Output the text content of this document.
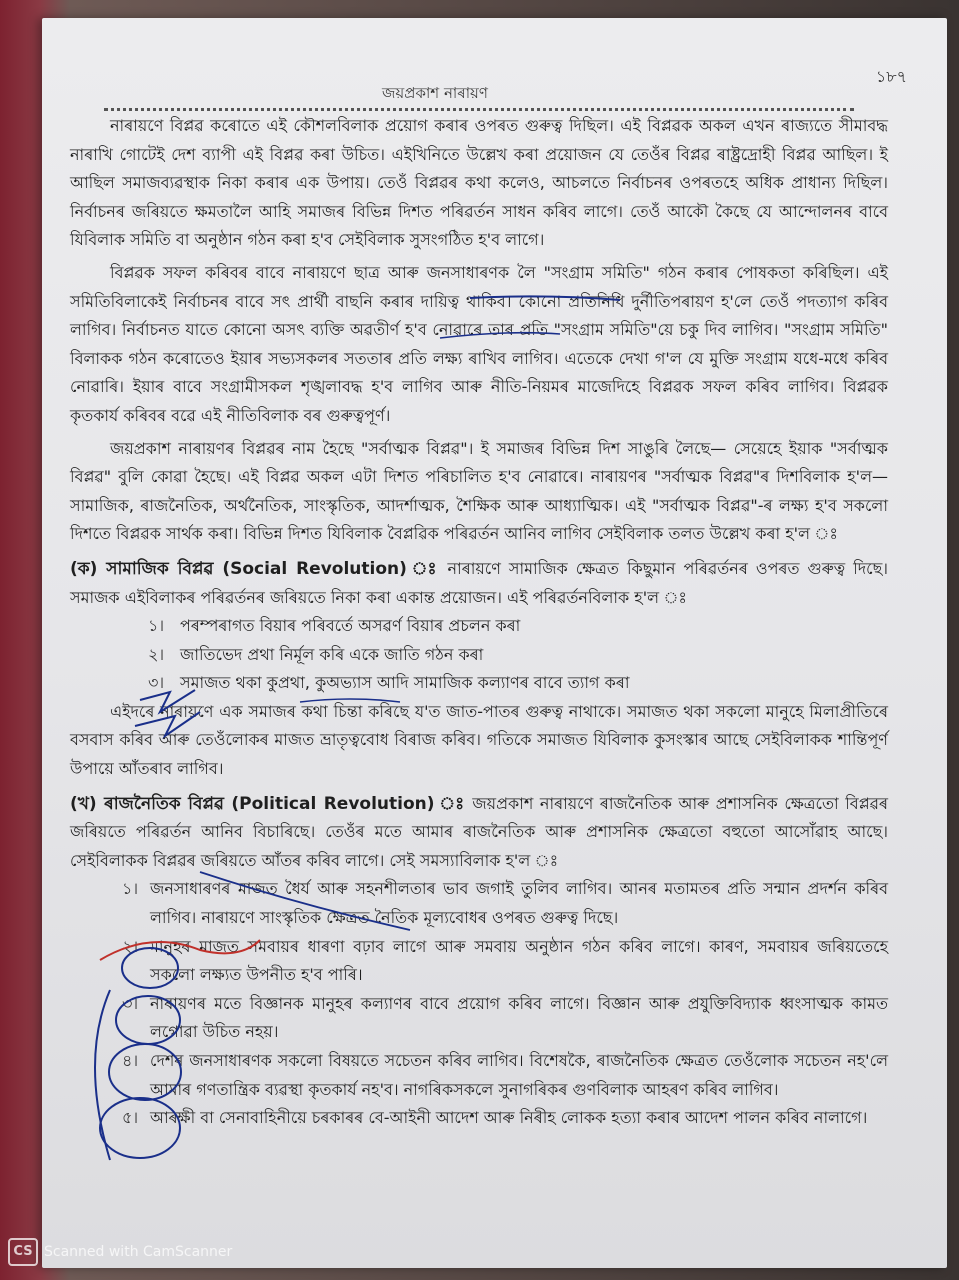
জয়প্ৰকাশ নাৰায়ণ
১৮৭

নাৰায়ণে বিপ্লৱ কৰোতে এই কৌশলবিলাক প্ৰয়োগ কৰাৰ ওপৰত গুৰুত্ব দিছিল। এই বিপ্লৱক অকল এখন ৰাজ্যতে সীমাবদ্ধ নাৰাখি গোটেই দেশ ব্যাপী এই বিপ্লৱ কৰা উচিত। এইখিনিতে উল্লেখ কৰা প্ৰয়োজন যে তেওঁৰ বিপ্লৱ ৰাষ্ট্ৰদ্ৰোহী বিপ্লৱ আছিল। ই আছিল সমাজব্যৱস্থাক নিকা কৰাৰ এক উপায়। তেওঁ বিপ্লৱৰ কথা কলেও, আচলতে নিৰ্বাচনৰ ওপৰতহে অধিক প্ৰাধান্য দিছিল। নিৰ্বাচনৰ জৰিয়তে ক্ষমতালৈ আহি সমাজৰ বিভিন্ন দিশত পৰিৱৰ্তন সাধন কৰিব লাগে। তেওঁ আকৌ কৈছে যে আন্দোলনৰ বাবে যিবিলাক সমিতি বা অনুষ্ঠান গঠন কৰা হ'ব সেইবিলাক সুসংগঠিত হ'ব লাগে।

বিপ্লৱক সফল কৰিবৰ বাবে নাৰায়ণে ছাত্ৰ আৰু জনসাধাৰণক লৈ "সংগ্ৰাম সমিতি" গঠন কৰাৰ পোষকতা কৰিছিল। এই সমিতিবিলাকেই নিৰ্বাচনৰ বাবে সৎ প্ৰাৰ্থী বাছনি কৰাৰ দায়িত্ব থাকিব। কোনো প্ৰতিনিধি দুৰ্নীতিপৰায়ণ হ'লে তেওঁ পদত্যাগ কৰিব লাগিব। নিৰ্বাচনত যাতে কোনো অসৎ ব্যক্তি অৱতীৰ্ণ হ'ব নোৱাৰে তাৰ প্ৰতি "সংগ্ৰাম সমিতি"য়ে চকু দিব লাগিব। "সংগ্ৰাম সমিতি" বিলাকক গঠন কৰোতেও ইয়াৰ সভ্যসকলৰ সততাৰ প্ৰতি লক্ষ্য ৰাখিব লাগিব। এতেকে দেখা গ'ল যে মুক্তি সংগ্ৰাম যধে-মধে কৰিব নোৱাৰি। ইয়াৰ বাবে সংগ্ৰামীসকল শৃঙ্খলাবদ্ধ হ'ব লাগিব আৰু নীতি-নিয়মৰ মাজেদিহে বিপ্লৱক সফল কৰিব লাগিব। বিপ্লৱক কৃতকাৰ্য কৰিবৰ বৱে এই নীতিবিলাক বৰ গুৰুত্বপূৰ্ণ।

জয়প্ৰকাশ নাৰায়ণৰ বিপ্লৱৰ নাম হৈছে "সৰ্বাত্মক বিপ্লৱ"। ই সমাজৰ বিভিন্ন দিশ সাঙুৰি লৈছে— সেয়েহে ইয়াক "সৰ্বাত্মক বিপ্লৱ" বুলি কোৱা হৈছে। এই বিপ্লৱ অকল এটা দিশত পৰিচালিত হ'ব নোৱাৰে। নাৰায়ণৰ "সৰ্বাত্মক বিপ্লৱ"ৰ দিশবিলাক হ'ল— সামাজিক, ৰাজনৈতিক, অৰ্থনৈতিক, সাংস্কৃতিক, আদৰ্শাত্মক, শৈক্ষিক আৰু আধ্যাত্মিক। এই "সৰ্বাত্মক বিপ্লৱ"-ৰ লক্ষ্য হ'ব সকলো দিশতে বিপ্লৱক সাৰ্থক কৰা। বিভিন্ন দিশত যিবিলাক বৈপ্লৱিক পৰিৱৰ্তন আনিব লাগিব সেইবিলাক তলত উল্লেখ কৰা হ'ল ঃ

(ক) সামাজিক বিপ্লৱ (Social Revolution) ঃ নাৰায়ণে সামাজিক ক্ষেত্ৰত কিছুমান পৰিৱৰ্তনৰ ওপৰত গুৰুত্ব দিছে। সমাজক এইবিলাকৰ পৰিৱৰ্তনৰ জৰিয়তে নিকা কৰা একান্ত প্ৰয়োজন। এই পৰিৱৰ্তনবিলাক হ'ল ঃ

১। পৰম্পৰাগত বিয়াৰ পৰিবৰ্তে অসৱৰ্ণ বিয়াৰ প্ৰচলন কৰা

২। জাতিভেদ প্ৰথা নিৰ্মূল কৰি একে জাতি গঠন কৰা

৩। সমাজত থকা কুপ্ৰথা, কুঅভ্যাস আদি সামাজিক কল্যাণৰ বাবে ত্যাগ কৰা

এইদৰে নাৰায়ণে এক সমাজৰ কথা চিন্তা কৰিছে য'ত জাত-পাতৰ গুৰুত্ব নাথাকে। সমাজত থকা সকলো মানুহে মিলাপ্ৰীতিৰে বসবাস কৰিব আৰু তেওঁলোকৰ মাজত ভ্ৰাতৃত্ববোধ বিৰাজ কৰিব। গতিকে সমাজত যিবিলাক কুসংস্কাৰ আছে সেইবিলাকক শান্তিপূৰ্ণ উপায়ে আঁতৰাব লাগিব।

(খ) ৰাজনৈতিক বিপ্লৱ (Political Revolution) ঃ জয়প্ৰকাশ নাৰায়ণে ৰাজনৈতিক আৰু প্ৰশাসনিক ক্ষেত্ৰতো বিপ্লৱৰ জৰিয়তে পৰিৱৰ্তন আনিব বিচাৰিছে। তেওঁৰ মতে আমাৰ ৰাজনৈতিক আৰু প্ৰশাসনিক ক্ষেত্ৰতো বহুতো আসোঁৱাহ আছে। সেইবিলাকক বিপ্লৱৰ জৰিয়তে আঁতৰ কৰিব লাগে। সেই সমস্যাবিলাক হ'ল ঃ

১। জনসাধাৰণৰ মাজত ধৈৰ্য আৰু সহনশীলতাৰ ভাব জগাই তুলিব লাগিব। আনৰ মতামতৰ প্ৰতি সন্মান প্ৰদৰ্শন কৰিব লাগিব। নাৰায়ণে সাংস্কৃতিক ক্ষেত্ৰত নৈতিক মূল্যবোধৰ ওপৰত গুৰুত্ব দিছে।

২। মানুহৰ মাজত সমবায়ৰ ধাৰণা বঢ়াব লাগে আৰু সমবায় অনুষ্ঠান গঠন কৰিব লাগে। কাৰণ, সমবায়ৰ জৰিয়তেহে সকলো লক্ষ্যত উপনীত হ'ব পাৰি।

৩। নাৰায়ণৰ মতে বিজ্ঞানক মানুহৰ কল্যাণৰ বাবে প্ৰয়োগ কৰিব লাগে। বিজ্ঞান আৰু প্ৰযুক্তিবিদ্যাক ধ্বংসাত্মক কামত লগোৱা উচিত নহয়।

৪। দেশৰ জনসাধাৰণক সকলো বিষয়তে সচেতন কৰিব লাগিব। বিশেষকৈ, ৰাজনৈতিক ক্ষেত্ৰত তেওঁলোক সচেতন নহ'লে আমাৰ গণতান্ত্ৰিক ব্যৱস্থা কৃতকাৰ্য নহ'ব। নাগৰিকসকলে সুনাগৰিকৰ গুণবিলাক আহৰণ কৰিব লাগিব।

৫। আৰক্ষী বা সেনাবাহিনীয়ে চৰকাৰৰ বে-আইনী আদেশ আৰু নিৰীহ লোকক হত্যা কৰাৰ আদেশ পালন কৰিব নালাগে।

CS Scanned with CamScanner
